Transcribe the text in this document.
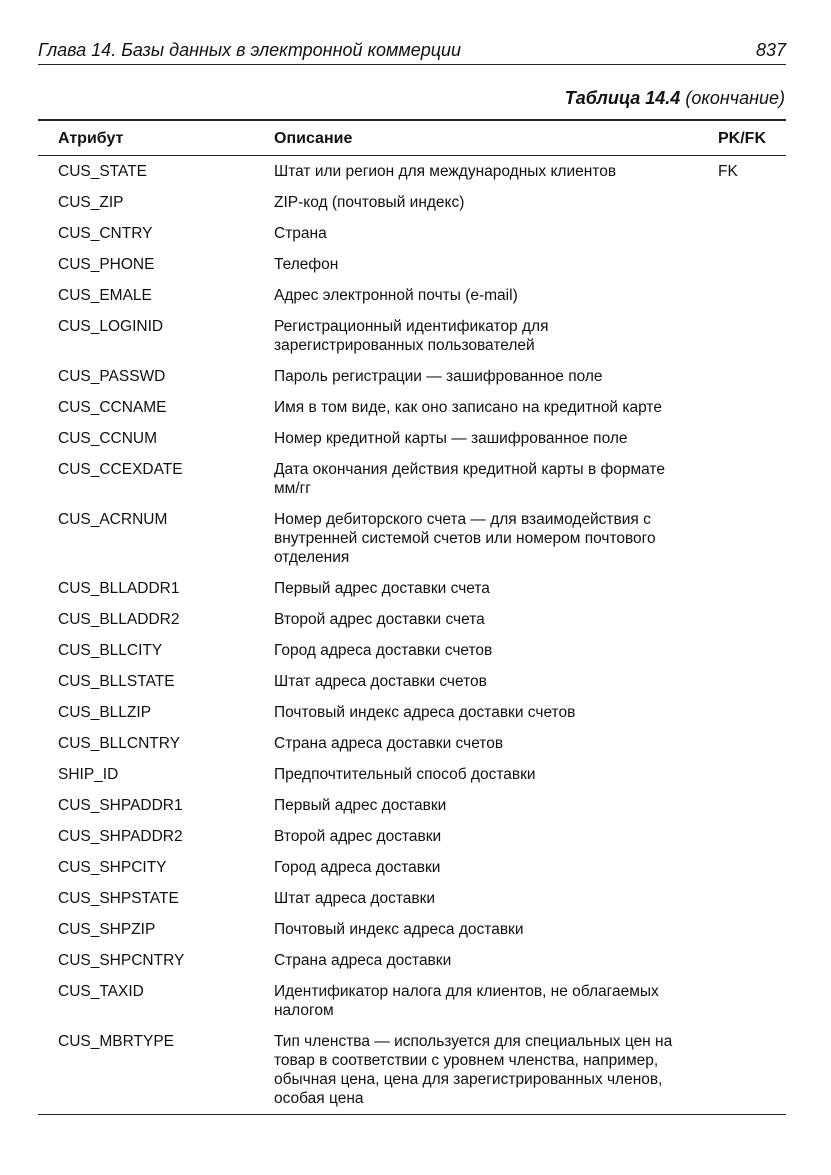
Глава 14. Базы данных в электронной коммерции	837
Таблица 14.4 (окончание)
Атрибут	Описание	PK/FK
CUS_STATE	Штат или регион для международных клиентов	FK
CUS_ZIP	ZIP-код (почтовый индекс)	
CUS_CNTRY	Страна	
CUS_PHONE	Телефон	
CUS_EMALE	Адрес электронной почты (e-mail)	
CUS_LOGINID	Регистрационный идентификатор для зарегистрированных пользователей	
CUS_PASSWD	Пароль регистрации — зашифрованное поле	
CUS_CCNAME	Имя в том виде, как оно записано на кредитной карте	
CUS_CCNUM	Номер кредитной карты — зашифрованное поле	
CUS_CCEXDATE	Дата окончания действия кредитной карты в формате мм/гг	
CUS_ACRNUM	Номер дебиторского счета — для взаимодействия с внутренней системой счетов или номером почтового отделения	
CUS_BLLADDR1	Первый адрес доставки счета	
CUS_BLLADDR2	Второй адрес доставки счета	
CUS_BLLCITY	Город адреса доставки счетов	
CUS_BLLSTATE	Штат адреса доставки счетов	
CUS_BLLZIP	Почтовый индекс адреса доставки счетов	
CUS_BLLCNTRY	Страна адреса доставки счетов	
SHIP_ID	Предпочтительный способ доставки	
CUS_SHPADDR1	Первый адрес доставки	
CUS_SHPADDR2	Второй адрес доставки	
CUS_SHPCITY	Город адреса доставки	
CUS_SHPSTATE	Штат адреса доставки	
CUS_SHPZIP	Почтовый индекс адреса доставки	
CUS_SHPCNTRY	Страна адреса доставки	
CUS_TAXID	Идентификатор налога для клиентов, не облагаемых налогом	
CUS_MBRTYPE	Тип членства — используется для специальных цен на товар в соответствии с уровнем членства, например, обычная цена, цена для зарегистрированных членов, особая цена	
